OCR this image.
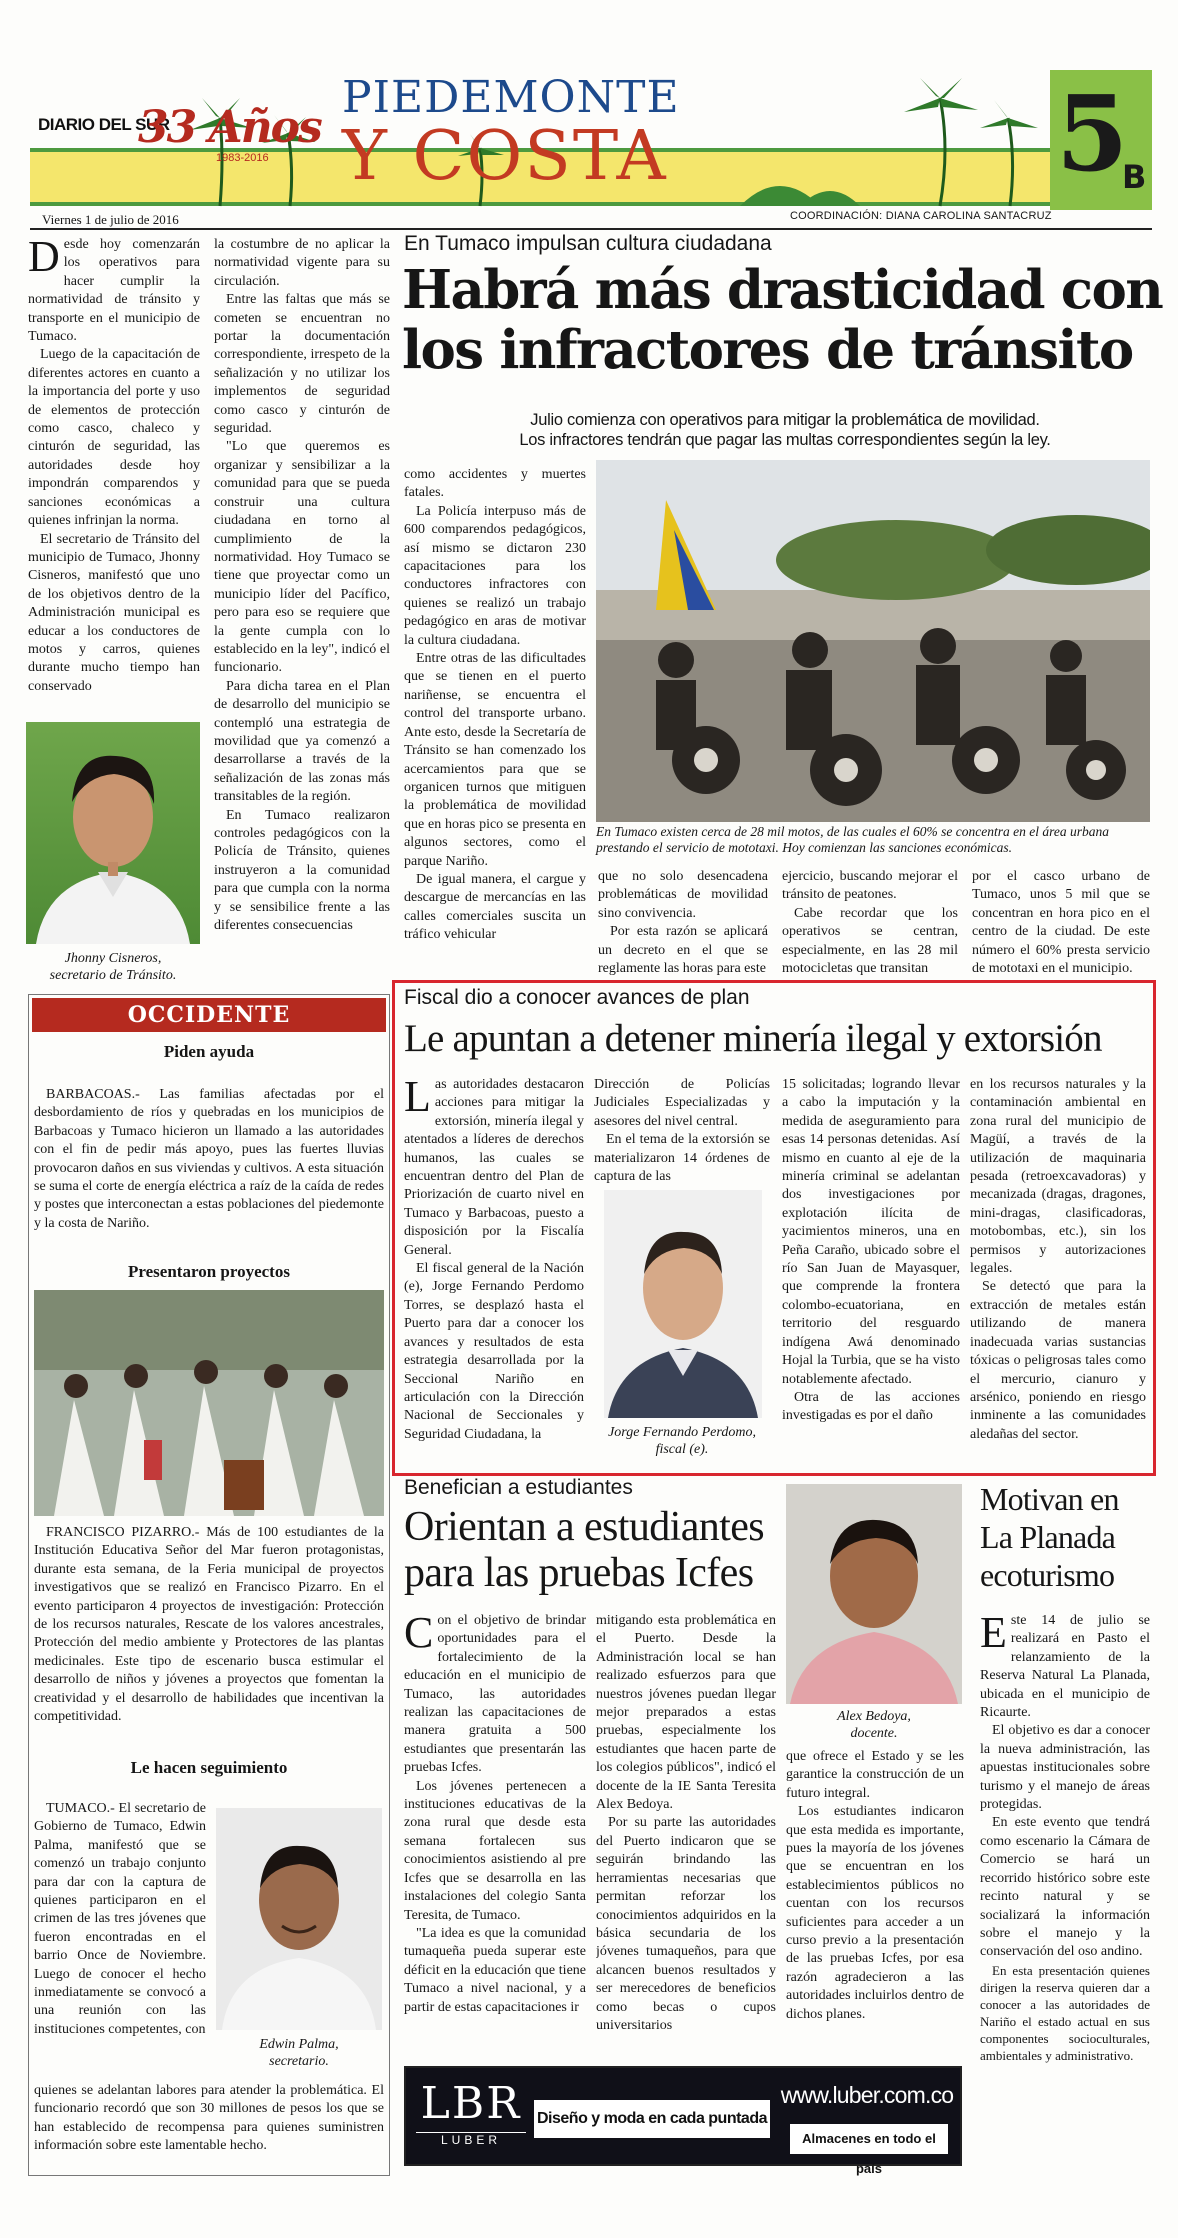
DIARIO DEL SUR
33 Años
1983-2016
PIEDEMONTE
Y COSTA	5
B
Viernes 1 de julio de 2016	COORDINACIÓN: DIANA CAROLINA SANTACRUZ
En Tumaco impulsan cultura ciudadana
Habrá más drasticidad con
los infractores de tránsito
Julio comienza con operativos para mitigar la problemática de movilidad.
Los infractores tendrán que pagar las multas correspondientes según la ley.
D esde hoy comenzarán los operativos para hacer cumplir la normatividad de tránsito y transporte en el municipio de Tumaco.

Luego de la capacitación de diferentes actores en cuanto a la importancia del porte y uso de elementos de protección como casco, chaleco y cinturón de seguridad, las autoridades desde hoy impondrán comparendos y sanciones económicas a quienes infrinjan la norma.

El secretario de Tránsito del municipio de Tumaco, Jhonny Cisneros, manifestó que uno de los objetivos dentro de la Administración municipal es educar a los conductores de motos y carros, quienes durante mucho tiempo han conservado

Jhonny Cisneros,
secretario de Tránsito.

la costumbre de no aplicar la normatividad vigente para su circulación.

Entre las faltas que más se cometen se encuentran no portar la documentación correspondiente, irrespeto de la señalización y no utilizar los implementos de seguridad como casco y cinturón de seguridad.

"Lo que queremos es organizar y sensibilizar a la comunidad para que se pueda construir una cultura ciudadana en torno al cumplimiento de la normatividad. Hoy Tumaco se tiene que proyectar como un municipio líder del Pacífico, pero para eso se requiere que la gente cumpla con lo establecido en la ley", indicó el funcionario.

Para dicha tarea en el Plan de desarrollo del municipio se contempló una estrategia de movilidad que ya comenzó a desarrollarse a través de la señalización de las zonas más transitables de la región.

En Tumaco realizaron controles pedagógicos con la Policía de Tránsito, quienes instruyeron a la comunidad para que cumpla con la norma y se sensibilice frente a las diferentes consecuencias

como accidentes y muertes fatales.

La Policía interpuso más de 600 comparendos pedagógicos, así mismo se dictaron 230 capacitaciones para los conductores infractores con quienes se realizó un trabajo pedagógico en aras de motivar la cultura ciudadana.

Entre otras de las dificultades que se tienen en el puerto nariñense, se encuentra el control del transporte urbano. Ante esto, desde la Secretaría de Tránsito se han comenzado los acercamientos para que se organicen turnos que mitiguen la problemática de movilidad que en horas pico se presenta en algunos sectores, como el parque Nariño.

De igual manera, el cargue y descargue de mercancías en las calles comerciales suscita un tráfico vehicular

En Tumaco existen cerca de 28 mil motos, de las cuales el 60% se concentra en el área urbana prestando el servicio de mototaxi. Hoy comienzan las sanciones económicas.

que no solo desencadena problemáticas de movilidad sino convivencia.

Por esta razón se aplicará un decreto en el que se reglamente las horas para este

ejercicio, buscando mejorar el tránsito de peatones.

Cabe recordar que los operativos se centran, especialmente, en las 28 mil motocicletas que transitan

por el casco urbano de Tumaco, unos 5 mil que se concentran en hora pico en el centro de la ciudad. De este número el 60% presta servicio de mototaxi en el municipio.

OCCIDENTE
Piden ayuda
BARBACOAS.- Las familias afectadas por el desbordamiento de ríos y quebradas en los municipios de Barbacoas y Tumaco hicieron un llamado a las autoridades con el fin de pedir más apoyo, pues las fuertes lluvias provocaron daños en sus viviendas y cultivos. A esta situación se suma el corte de energía eléctrica a raíz de la caída de redes y postes que interconectan a estas poblaciones del piedemonte y la costa de Nariño.
Presentaron proyectos
FRANCISCO PIZARRO.- Más de 100 estudiantes de la Institución Educativa Señor del Mar fueron protagonistas, durante esta semana, de la Feria municipal de proyectos investigativos que se realizó en Francisco Pizarro. En el evento participaron 4 proyectos de investigación: Protección de los recursos naturales, Rescate de los valores ancestrales, Protección del medio ambiente y Protectores de las plantas medicinales. Este tipo de escenario busca estimular el desarrollo de niños y jóvenes a proyectos que fomentan la creatividad y el desarrollo de habilidades que incentivan la competitividad.
Le hacen seguimiento
TUMACO.- El secretario de Gobierno de Tumaco, Edwin Palma, manifestó que se comenzó un trabajo conjunto para dar con la captura de quienes participaron en el crimen de las tres jóvenes que fueron encontradas en el barrio Once de Noviembre. Luego de conocer el hecho inmediatamente se convocó a una reunión con las instituciones competentes, con
Edwin Palma,
secretario.
quienes se adelantan labores para atender la problemática. El funcionario recordó que son 30 millones de pesos los que se han establecido de recompensa para quienes suministren información sobre este lamentable hecho.
Fiscal dio a conocer avances de plan
Le apuntan a detener minería ilegal y extorsión
L as autoridades destacaron acciones para mitigar la extorsión, minería ilegal y atentados a líderes de derechos humanos, las cuales se encuentran dentro del Plan de Priorización de cuarto nivel en Tumaco y Barbacoas, puesto a disposición por la Fiscalía General.

El fiscal general de la Nación (e), Jorge Fernando Perdomo Torres, se desplazó hasta el Puerto para dar a conocer los avances y resultados de esta estrategia desarrollada por la Seccional Nariño en articulación con la Dirección Nacional de Seccionales y Seguridad Ciudadana, la

Dirección de Policías Judiciales Especializadas y asesores del nivel central.

En el tema de la extorsión se materializaron 14 órdenes de captura de las

Jorge Fernando Perdomo,
fiscal (e).

15 solicitadas; logrando llevar a cabo la imputación y la medida de aseguramiento para esas 14 personas detenidas. Así mismo en cuanto al eje de la minería criminal se adelantan dos investigaciones por explotación ilícita de yacimientos mineros, una en Peña Caraño, ubicado sobre el río San Juan de Mayasquer, que comprende la frontera colombo-ecuatoriana, en territorio del resguardo indígena Awá denominado Hojal la Turbia, que se ha visto notablemente afectado.

Otra de las acciones investigadas es por el daño

en los recursos naturales y la contaminación ambiental en zona rural del municipio de Magüí, a través de la utilización de maquinaria pesada (retroexcavadoras) y mecanizada (dragas, dragones, mini-dragas, clasificadoras, motobombas, etc.), sin los permisos y autorizaciones legales.

Se detectó que para la extracción de metales están utilizando de manera inadecuada varias sustancias tóxicas o peligrosas tales como el mercurio, cianuro y arsénico, poniendo en riesgo inminente a las comunidades aledañas del sector.

Benefician a estudiantes
Orientan a estudiantes
para las pruebas Icfes
C on el objetivo de brindar oportunidades para el fortalecimiento de la educación en el municipio de Tumaco, las autoridades realizan las capacitaciones de manera gratuita a 500 estudiantes que presentarán las pruebas Icfes.

Los jóvenes pertenecen a instituciones educativas de la zona rural que desde esta semana fortalecen sus conocimientos asistiendo al pre Icfes que se desarrolla en las instalaciones del colegio Santa Teresita, de Tumaco.

"La idea es que la comunidad tumaqueña pueda superar este déficit en la educación que tiene Tumaco a nivel nacional, y a partir de estas capacitaciones ir

mitigando esta problemática en el Puerto. Desde la Administración local se han realizado esfuerzos para que nuestros jóvenes puedan llegar mejor preparados a estas pruebas, especialmente los estudiantes que hacen parte de los colegios públicos", indicó el docente de la IE Santa Teresita Alex Bedoya.

Por su parte las autoridades del Puerto indicaron que se seguirán brindando las herramientas necesarias que permitan reforzar los conocimientos adquiridos en la básica secundaria de los jóvenes tumaqueños, para que alcancen buenos resultados y ser merecedores de beneficios como becas o cupos universitarios

Alex Bedoya,
docente.

que ofrece el Estado y se les garantice la construcción de un futuro integral.

Los estudiantes indicaron que esta medida es importante, pues la mayoría de los jóvenes que se encuentran en los establecimientos públicos no cuentan con los recursos suficientes para acceder a un curso previo a la presentación de las pruebas Icfes, por esa razón agradecieron a las autoridades incluirlos dentro de dichos planes.

Motivan en La Planada ecoturismo
E ste 14 de julio se realizará en Pasto el relanzamiento de la Reserva Natural La Planada, ubicada en el municipio de Ricaurte.

El objetivo es dar a conocer la nueva administración, las apuestas institucionales sobre turismo y el manejo de áreas protegidas.

En este evento que tendrá como escenario la Cámara de Comercio se hará un recorrido histórico sobre este recinto natural y se socializará la información sobre el manejo y la conservación del oso andino.

En esta presentación quienes dirigen la reserva quieren dar a conocer a las autoridades de Nariño el estado actual en sus componentes socioculturales, ambientales y administrativo.

LBR
LUBER
Diseño y moda en cada puntada
www.luber.com.co
Almacenes en todo el país
